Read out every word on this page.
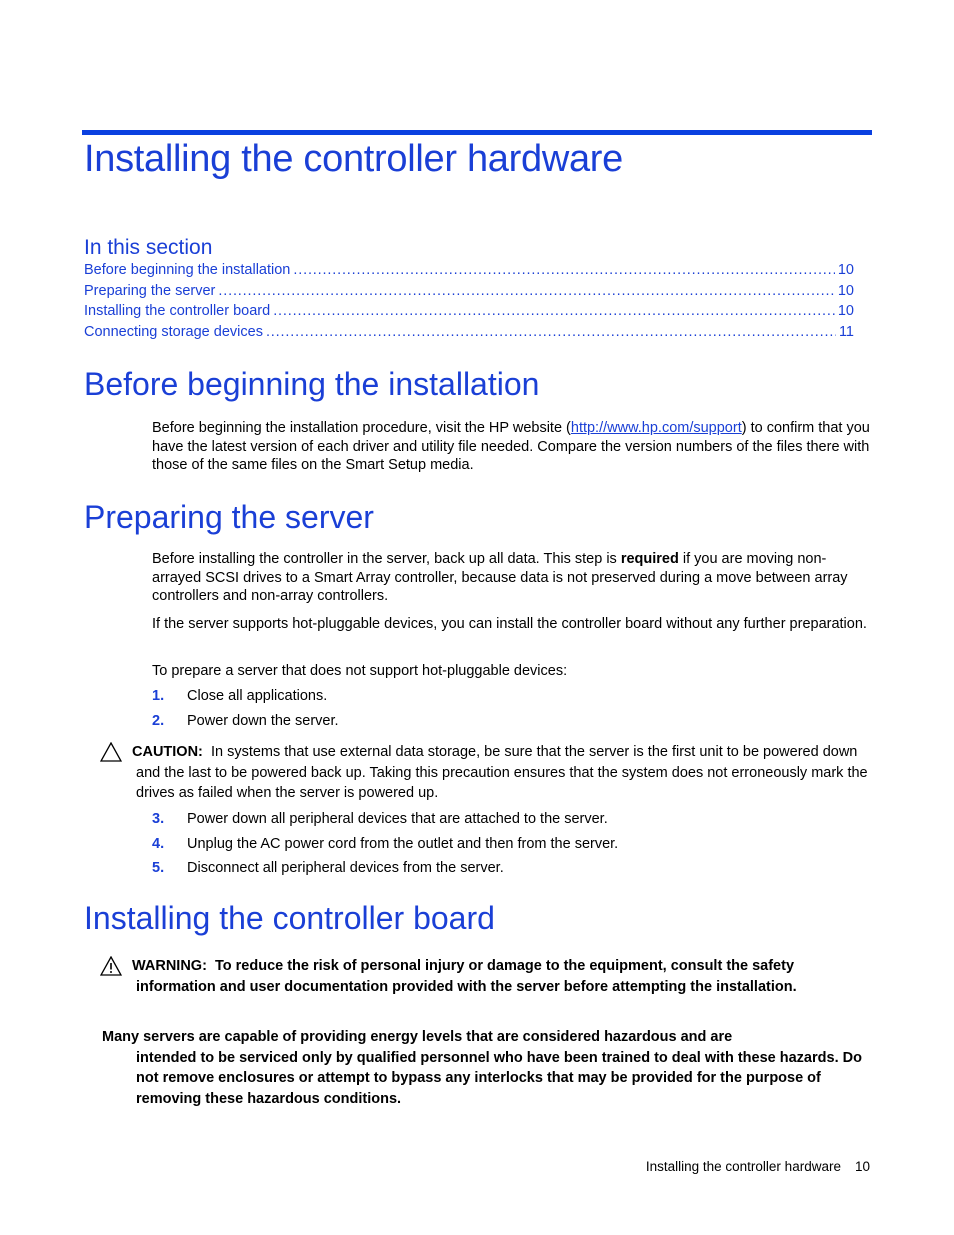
Installing the controller hardware
In this section
Before beginning the installation . . .	10
Preparing the server . . .	10
Installing the controller board . . .	10
Connecting storage devices . . .	11
Before beginning the installation

Before beginning the installation procedure, visit the HP website (http://www.hp.com/support) to confirm that you have the latest version of each driver and utility file needed. Compare the version numbers of the files there with those of the same files on the Smart Setup media.

Preparing the server

Before installing the controller in the server, back up all data. This step is required if you are moving non-arrayed SCSI drives to a Smart Array controller, because data is not preserved during a move between array controllers and non-array controllers.

If the server supports hot-pluggable devices, you can install the controller board without any further preparation.

To prepare a server that does not support hot-pluggable devices:

1.	Close all applications.
2.	Power down the server.
CAUTION: In systems that use external data storage, be sure that the server is the first unit to be powered down and the last to be powered back up. Taking this precaution ensures that the system does not erroneously mark the drives as failed when the server is powered up.
3.	Power down all peripheral devices that are attached to the server.
4.	Unplug the AC power cord from the outlet and then from the server.
5.	Disconnect all peripheral devices from the server.
Installing the controller board
WARNING: To reduce the risk of personal injury or damage to the equipment, consult the safety information and user documentation provided with the server before attempting the installation.
Many servers are capable of providing energy levels that are considered hazardous and are
intended to be serviced only by qualified personnel who have been trained to deal with these hazards. Do not remove enclosures or attempt to bypass any interlocks that may be provided for the purpose of removing these hazardous conditions.
Installing the controller hardware 10
